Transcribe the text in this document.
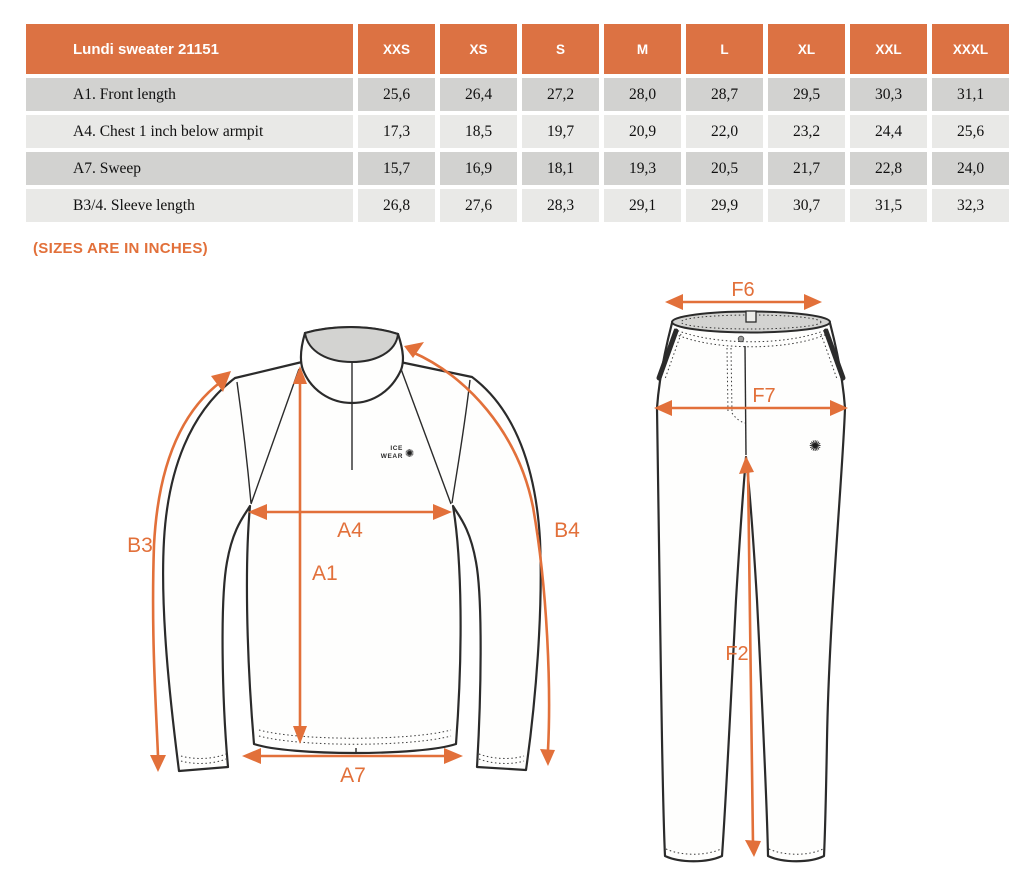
Lundi sweater 21151	XXS	XS	S	M	L	XL	XXL	XXXL
A1. Front length	25,6	26,4	27,2	28,0	28,7	29,5	30,3	31,1
A4. Chest 1 inch below armpit	17,3	18,5	19,7	20,9	22,0	23,2	24,4	25,6
A7. Sweep	15,7	16,9	18,1	19,3	20,5	21,7	22,8	24,0
B3/4. Sleeve length	26,8	27,6	28,3	29,1	29,9	30,7	31,5	32,3
(SIZES ARE IN INCHES)
ICE
WEAR ✺
A4
A1
A7
B3
B4
✺
F6
F7
F2
